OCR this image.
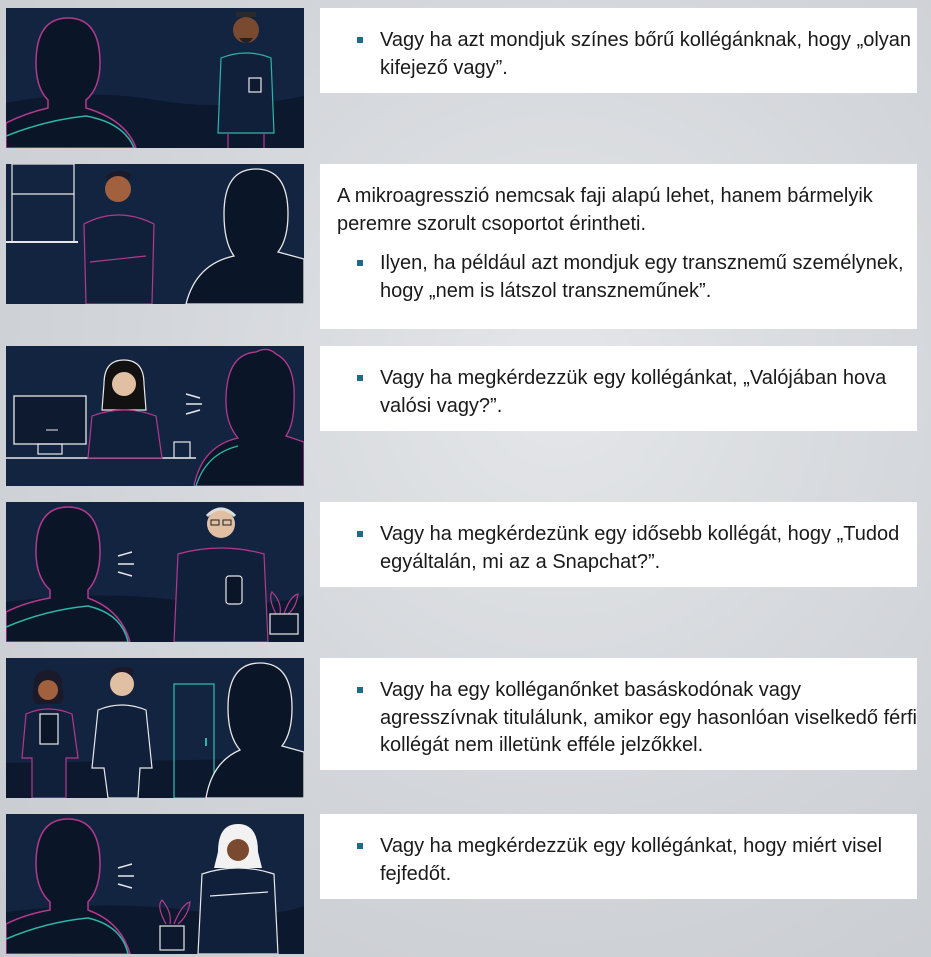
Vagy ha azt mondjuk színes bőrű kollégánknak, hogy „olyan kifejező vagy”.
A mikroagresszió nemcsak faji alapú lehet, hanem bármelyik peremre szorult csoportot érintheti.
Ilyen, ha például azt mondjuk egy transznemű személynek, hogy „nem is látszol transzneműnek”.
Vagy ha megkérdezzük egy kollégánkat, „Valójában hova valósi vagy?”.
Vagy ha megkérdezünk egy idősebb kollégát, hogy „Tudod egyáltalán, mi az a Snapchat?”.
Vagy ha egy kolléganőnket basáskodónak vagy agresszívnak titulálunk, amikor egy hasonlóan viselkedő férfi kollégát nem illetünk efféle jelzőkkel.
Vagy ha megkérdezzük egy kollégánkat, hogy miért visel fejfedőt.
